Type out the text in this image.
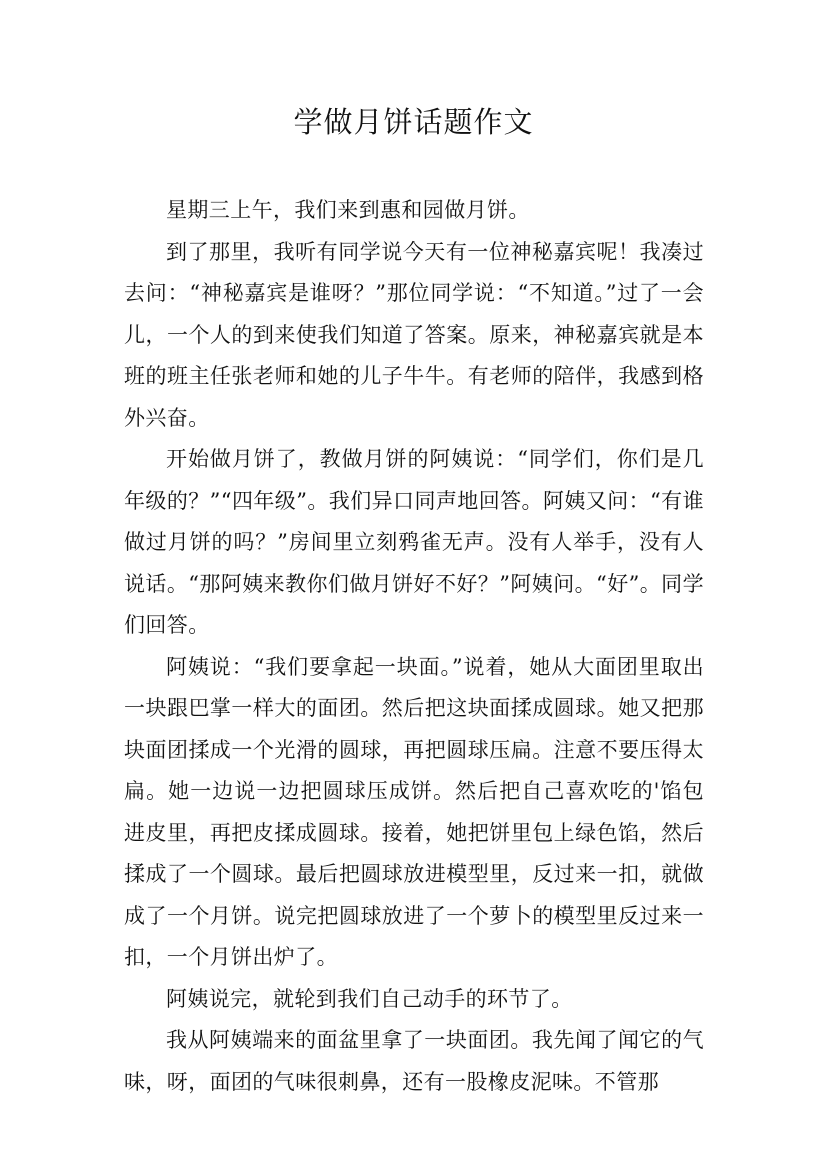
学做月饼话题作文

星期三上午，我们来到惠和园做月饼。

到了那里，我听有同学说今天有一位神秘嘉宾呢！我凑过去问：“神秘嘉宾是谁呀？”那位同学说：“不知道。”过了一会儿，一个人的到来使我们知道了答案。原来，神秘嘉宾就是本班的班主任张老师和她的儿子牛牛。有老师的陪伴，我感到格外兴奋。

开始做月饼了，教做月饼的阿姨说：“同学们，你们是几年级的？”“四年级”。我们异口同声地回答。阿姨又问：“有谁做过月饼的吗？”房间里立刻鸦雀无声。没有人举手，没有人说话。“那阿姨来教你们做月饼好不好？”阿姨问。“好”。同学们回答。

阿姨说：“我们要拿起一块面。”说着，她从大面团里取出一块跟巴掌一样大的面团。然后把这块面揉成圆球。她又把那块面团揉成一个光滑的圆球，再把圆球压扁。注意不要压得太扁。她一边说一边把圆球压成饼。然后把自己喜欢吃的'馅包进皮里，再把皮揉成圆球。接着，她把饼里包上绿色馅，然后揉成了一个圆球。最后把圆球放进模型里，反过来一扣，就做成了一个月饼。说完把圆球放进了一个萝卜的模型里反过来一扣，一个月饼出炉了。

阿姨说完，就轮到我们自己动手的环节了。

我从阿姨端来的面盆里拿了一块面团。我先闻了闻它的气味，呀，面团的气味很刺鼻，还有一股橡皮泥味。不管那
